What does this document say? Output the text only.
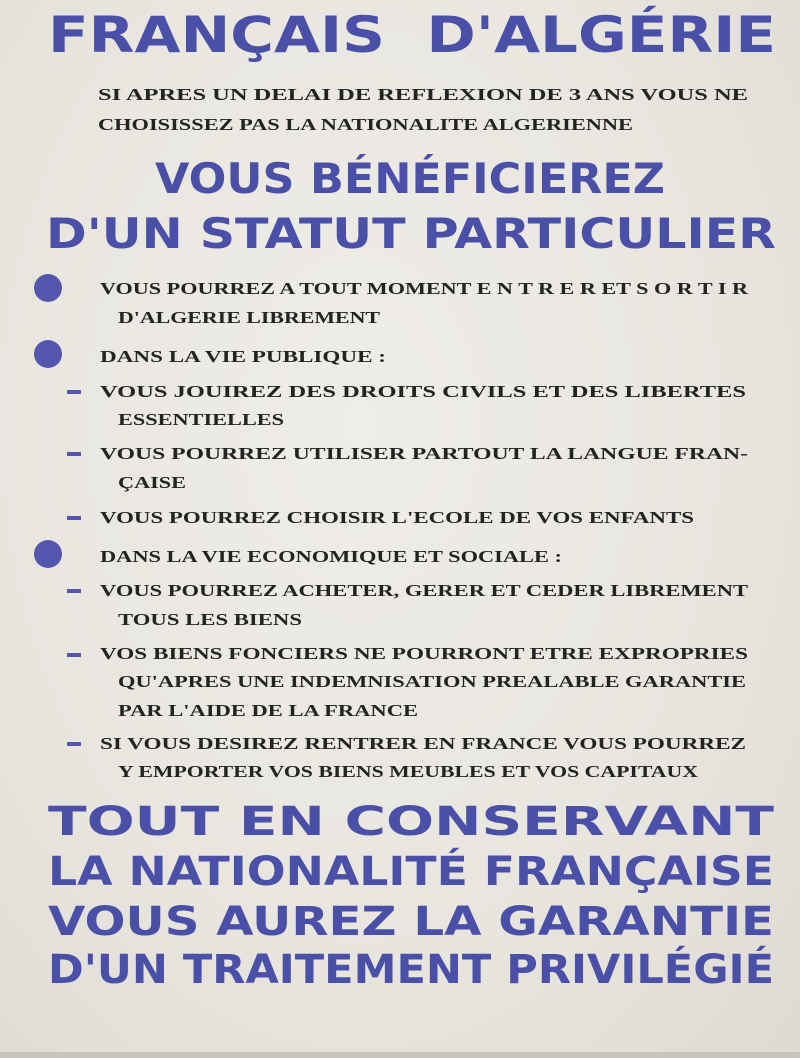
FRANÇAIS  D'ALGÉRIE
SI APRES UN DELAI DE REFLEXION DE 3 ANS VOUS NE
CHOISISSEZ PAS LA NATIONALITE ALGERIENNE
VOUS BÉNÉFICIEREZ
D'UN STATUT PARTICULIER
VOUS POURREZ A TOUT MOMENT E N T R E R ET S O R T I R
D'ALGERIE LIBREMENT
DANS LA VIE PUBLIQUE :
VOUS JOUIREZ DES DROITS CIVILS ET DES LIBERTES
ESSENTIELLES
VOUS POURREZ UTILISER PARTOUT LA LANGUE FRAN-
ÇAISE
VOUS POURREZ CHOISIR L'ECOLE DE VOS ENFANTS
DANS LA VIE ECONOMIQUE ET SOCIALE :
VOUS POURREZ ACHETER, GERER ET CEDER LIBREMENT
TOUS LES BIENS
VOS BIENS FONCIERS NE POURRONT ETRE EXPROPRIES
QU'APRES UNE INDEMNISATION PREALABLE GARANTIE
PAR L'AIDE DE LA FRANCE
SI VOUS DESIREZ RENTRER EN FRANCE VOUS POURREZ
Y EMPORTER VOS BIENS MEUBLES ET VOS CAPITAUX
TOUT EN CONSERVANT
LA NATIONALITÉ FRANÇAISE
VOUS AUREZ LA GARANTIE
D'UN TRAITEMENT PRIVILÉGIÉ
